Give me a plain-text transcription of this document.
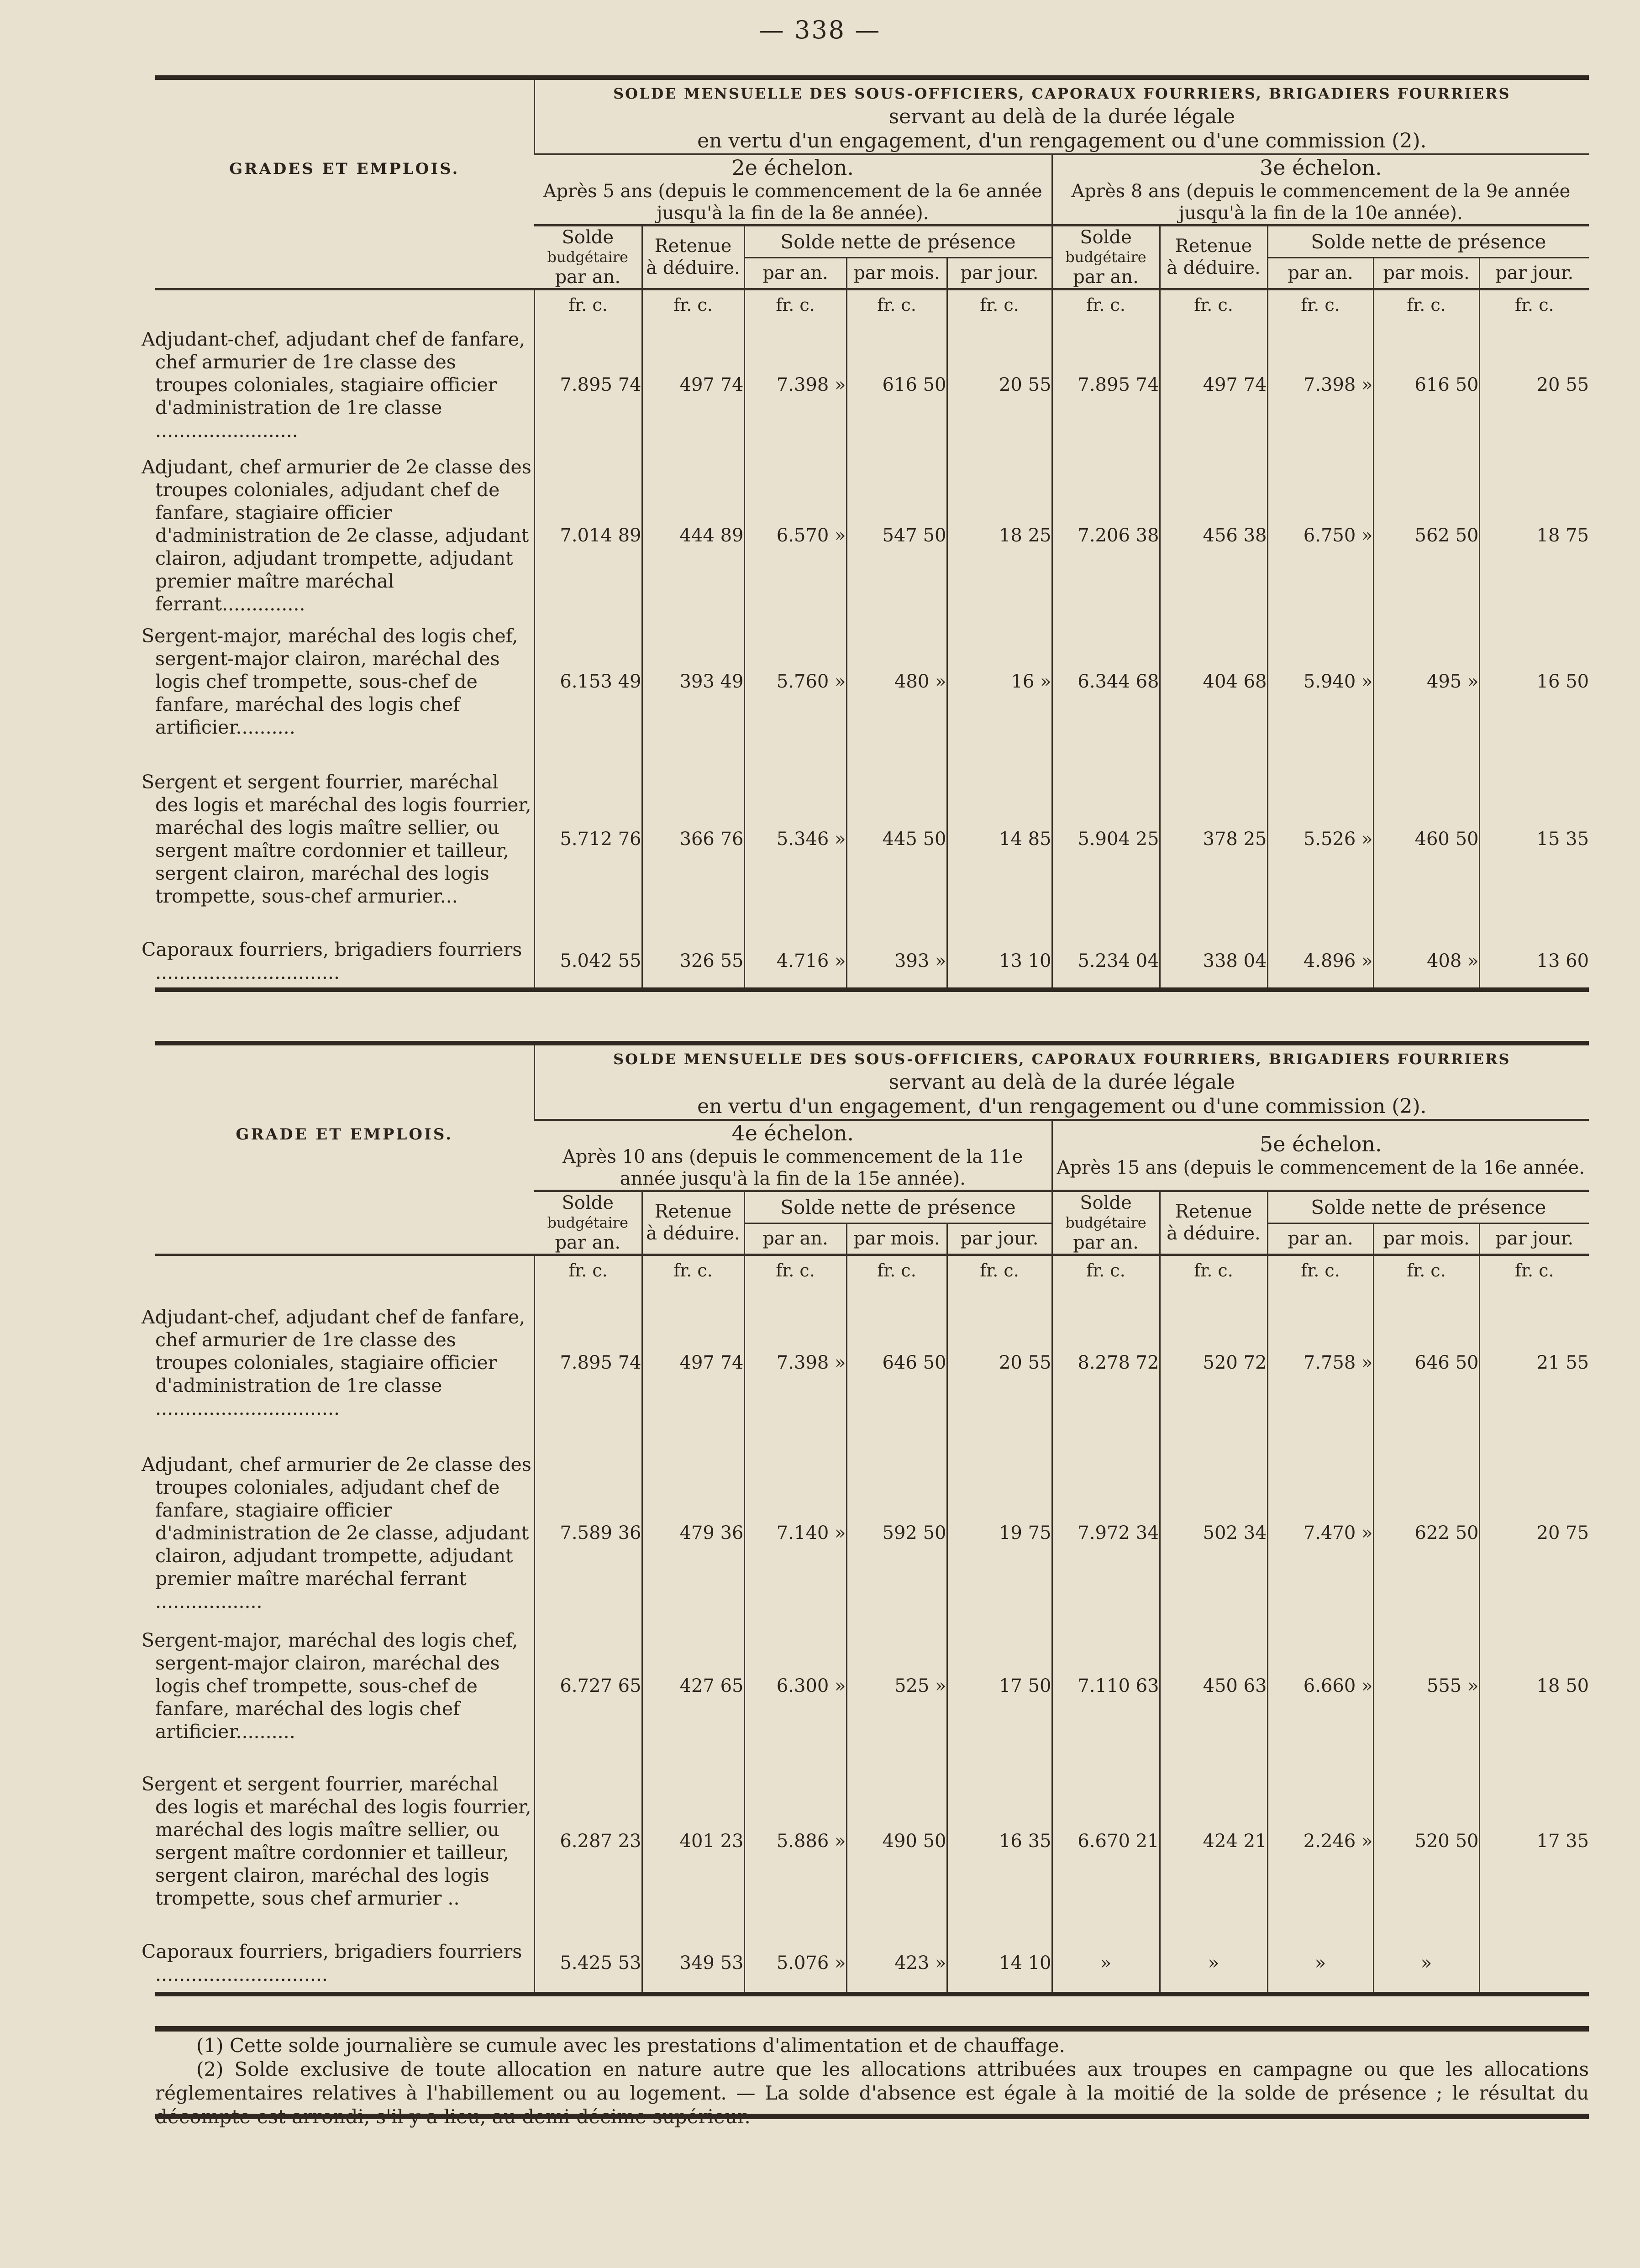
— 338 —
GRADES ET EMPLOIS.	SOLDE MENSUELLE DES SOUS-OFFICIERS, CAPORAUX FOURRIERS, BRIGADIERS FOURRIERS
servant au delà de la durée légale
en vertu d'un engagement, d'un rengagement ou d'une commission (2).									
	2e échelon.
Après 5 ans (depuis le commencement de la 6e année jusqu'à la fin de la 8e année).					3e échelon.
Après 8 ans (depuis le commencement de la 9e année jusqu'à la fin de la 10e année).				
	Solde
budgétaire
par an.	Retenue
à déduire.	Solde nette de présence			Solde
budgétaire
par an.	Retenue
à déduire.	Solde nette de présence		
			par an.	par mois.	par jour.			par an.	par mois.	par jour.
	fr. c.	fr. c.	fr. c.	fr. c.	fr. c.	fr. c.	fr. c.	fr. c.	fr. c.	fr. c.
Adjudant-chef, adjudant chef de fanfare, chef armurier de 1re classe des troupes coloniales, stagiaire officier d'administration de 1re classe ........................	7.895 74	497 74	7.398 »	616 50	20 55	7.895 74	497 74	7.398 »	616 50	20 55
Adjudant, chef armurier de 2e classe des troupes coloniales, adjudant chef de fanfare, stagiaire officier d'administration de 2e classe, adjudant clairon, adjudant trompette, adjudant premier maître maréchal ferrant..............	7.014 89	444 89	6.570 »	547 50	18 25	7.206 38	456 38	6.750 »	562 50	18 75
Sergent-major, maréchal des logis chef, sergent-major clairon, maréchal des logis chef trompette, sous-chef de fanfare, maréchal des logis chef artificier..........	6.153 49	393 49	5.760 »	480 »	16 »	6.344 68	404 68	5.940 »	495 »	16 50
Sergent et sergent fourrier, maréchal des logis et maréchal des logis fourrier, maréchal des logis maître sellier, ou sergent maître cordonnier et tailleur, sergent clairon, maréchal des logis trompette, sous-chef armurier...	5.712 76	366 76	5.346 »	445 50	14 85	5.904 25	378 25	5.526 »	460 50	15 35
Caporaux fourriers, brigadiers fourriers ...............................	5.042 55	326 55	4.716 »	393 »	13 10	5.234 04	338 04	4.896 »	408 »	13 60
GRADE ET EMPLOIS.	SOLDE MENSUELLE DES SOUS-OFFICIERS, CAPORAUX FOURRIERS, BRIGADIERS FOURRIERS
servant au delà de la durée légale
en vertu d'un engagement, d'un rengagement ou d'une commission (2).									
	4e échelon.
Après 10 ans (depuis le commencement de la 11e année jusqu'à la fin de la 15e année).					5e échelon.
Après 15 ans (depuis le commencement de la 16e année.				
	Solde
budgétaire
par an.	Retenue
à déduire.	Solde nette de présence			Solde
budgétaire
par an.	Retenue
à déduire.	Solde nette de présence		
			par an.	par mois.	par jour.			par an.	par mois.	par jour.
	fr. c.	fr. c.	fr. c.	fr. c.	fr. c.	fr. c.	fr. c.	fr. c.	fr. c.	fr. c.
Adjudant-chef, adjudant chef de fanfare, chef armurier de 1re classe des troupes coloniales, stagiaire officier d'administration de 1re classe ...............................	7.895 74	497 74	7.398 »	646 50	20 55	8.278 72	520 72	7.758 »	646 50	21 55
Adjudant, chef armurier de 2e classe des troupes coloniales, adjudant chef de fanfare, stagiaire officier d'administration de 2e classe, adjudant clairon, adjudant trompette, adjudant premier maître maréchal ferrant ..................	7.589 36	479 36	7.140 »	592 50	19 75	7.972 34	502 34	7.470 »	622 50	20 75
Sergent-major, maréchal des logis chef, sergent-major clairon, maréchal des logis chef trompette, sous-chef de fanfare, maréchal des logis chef artificier..........	6.727 65	427 65	6.300 »	525 »	17 50	7.110 63	450 63	6.660 »	555 »	18 50
Sergent et sergent fourrier, maréchal des logis et maréchal des logis fourrier, maréchal des logis maître sellier, ou sergent maître cordonnier et tailleur, sergent clairon, maréchal des logis trompette, sous chef armurier ..	6.287 23	401 23	5.886 »	490 50	16 35	6.670 21	424 21	2.246 »	520 50	17 35
Caporaux fourriers, brigadiers fourriers .............................	5.425 53	349 53	5.076 »	423 »	14 10	»	»	»	»	

(1) Cette solde journalière se cumule avec les prestations d'alimentation et de chauffage.

(2) Solde exclusive de toute allocation en nature autre que les allocations attribuées aux troupes en campagne ou que les allocations réglementaires relatives à l'habillement ou au logement. — La solde d'absence est égale à la moitié de la solde de présence ; le résultat du
